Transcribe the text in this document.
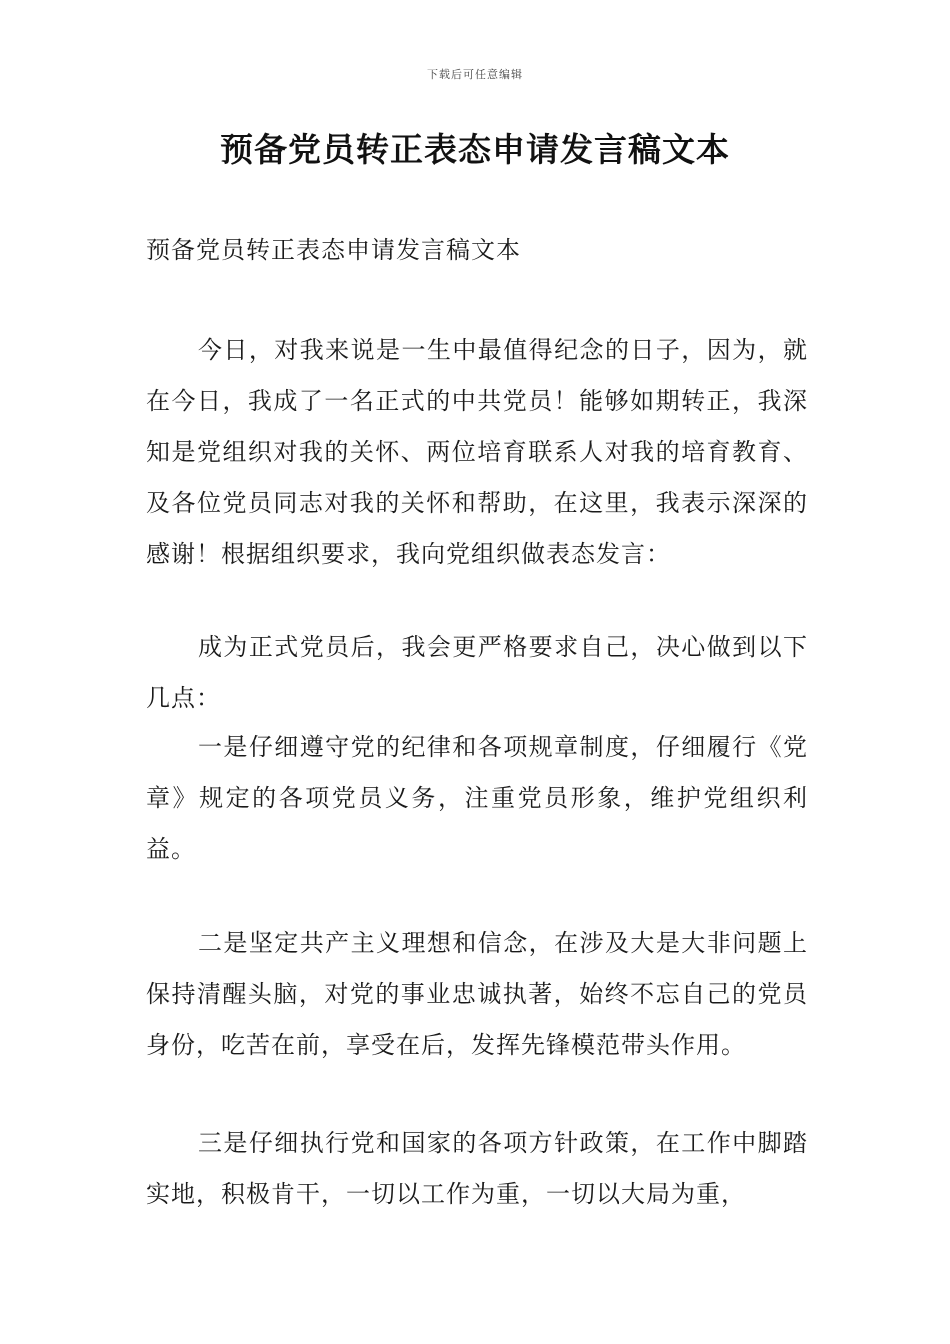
下载后可任意编辑
预备党员转正表态申请发言稿文本

预备党员转正表态申请发言稿文本

今日，对我来说是一生中最值得纪念的日子，因为，就在今日，我成了一名正式的中共党员！能够如期转正，我深知是党组织对我的关怀、两位培育联系人对我的培育教育、及各位党员同志对我的关怀和帮助，在这里，我表示深深的感谢！根据组织要求，我向党组织做表态发言：

成为正式党员后，我会更严格要求自己，决心做到以下几点：

一是仔细遵守党的纪律和各项规章制度，仔细履行《党章》规定的各项党员义务，注重党员形象，维护党组织利益。

二是坚定共产主义理想和信念，在涉及大是大非问题上保持清醒头脑，对党的事业忠诚执著，始终不忘自己的党员身份，吃苦在前，享受在后，发挥先锋模范带头作用。

三是仔细执行党和国家的各项方针政策，在工作中脚踏实地，积极肯干，一切以工作为重，一切以大局为重，
